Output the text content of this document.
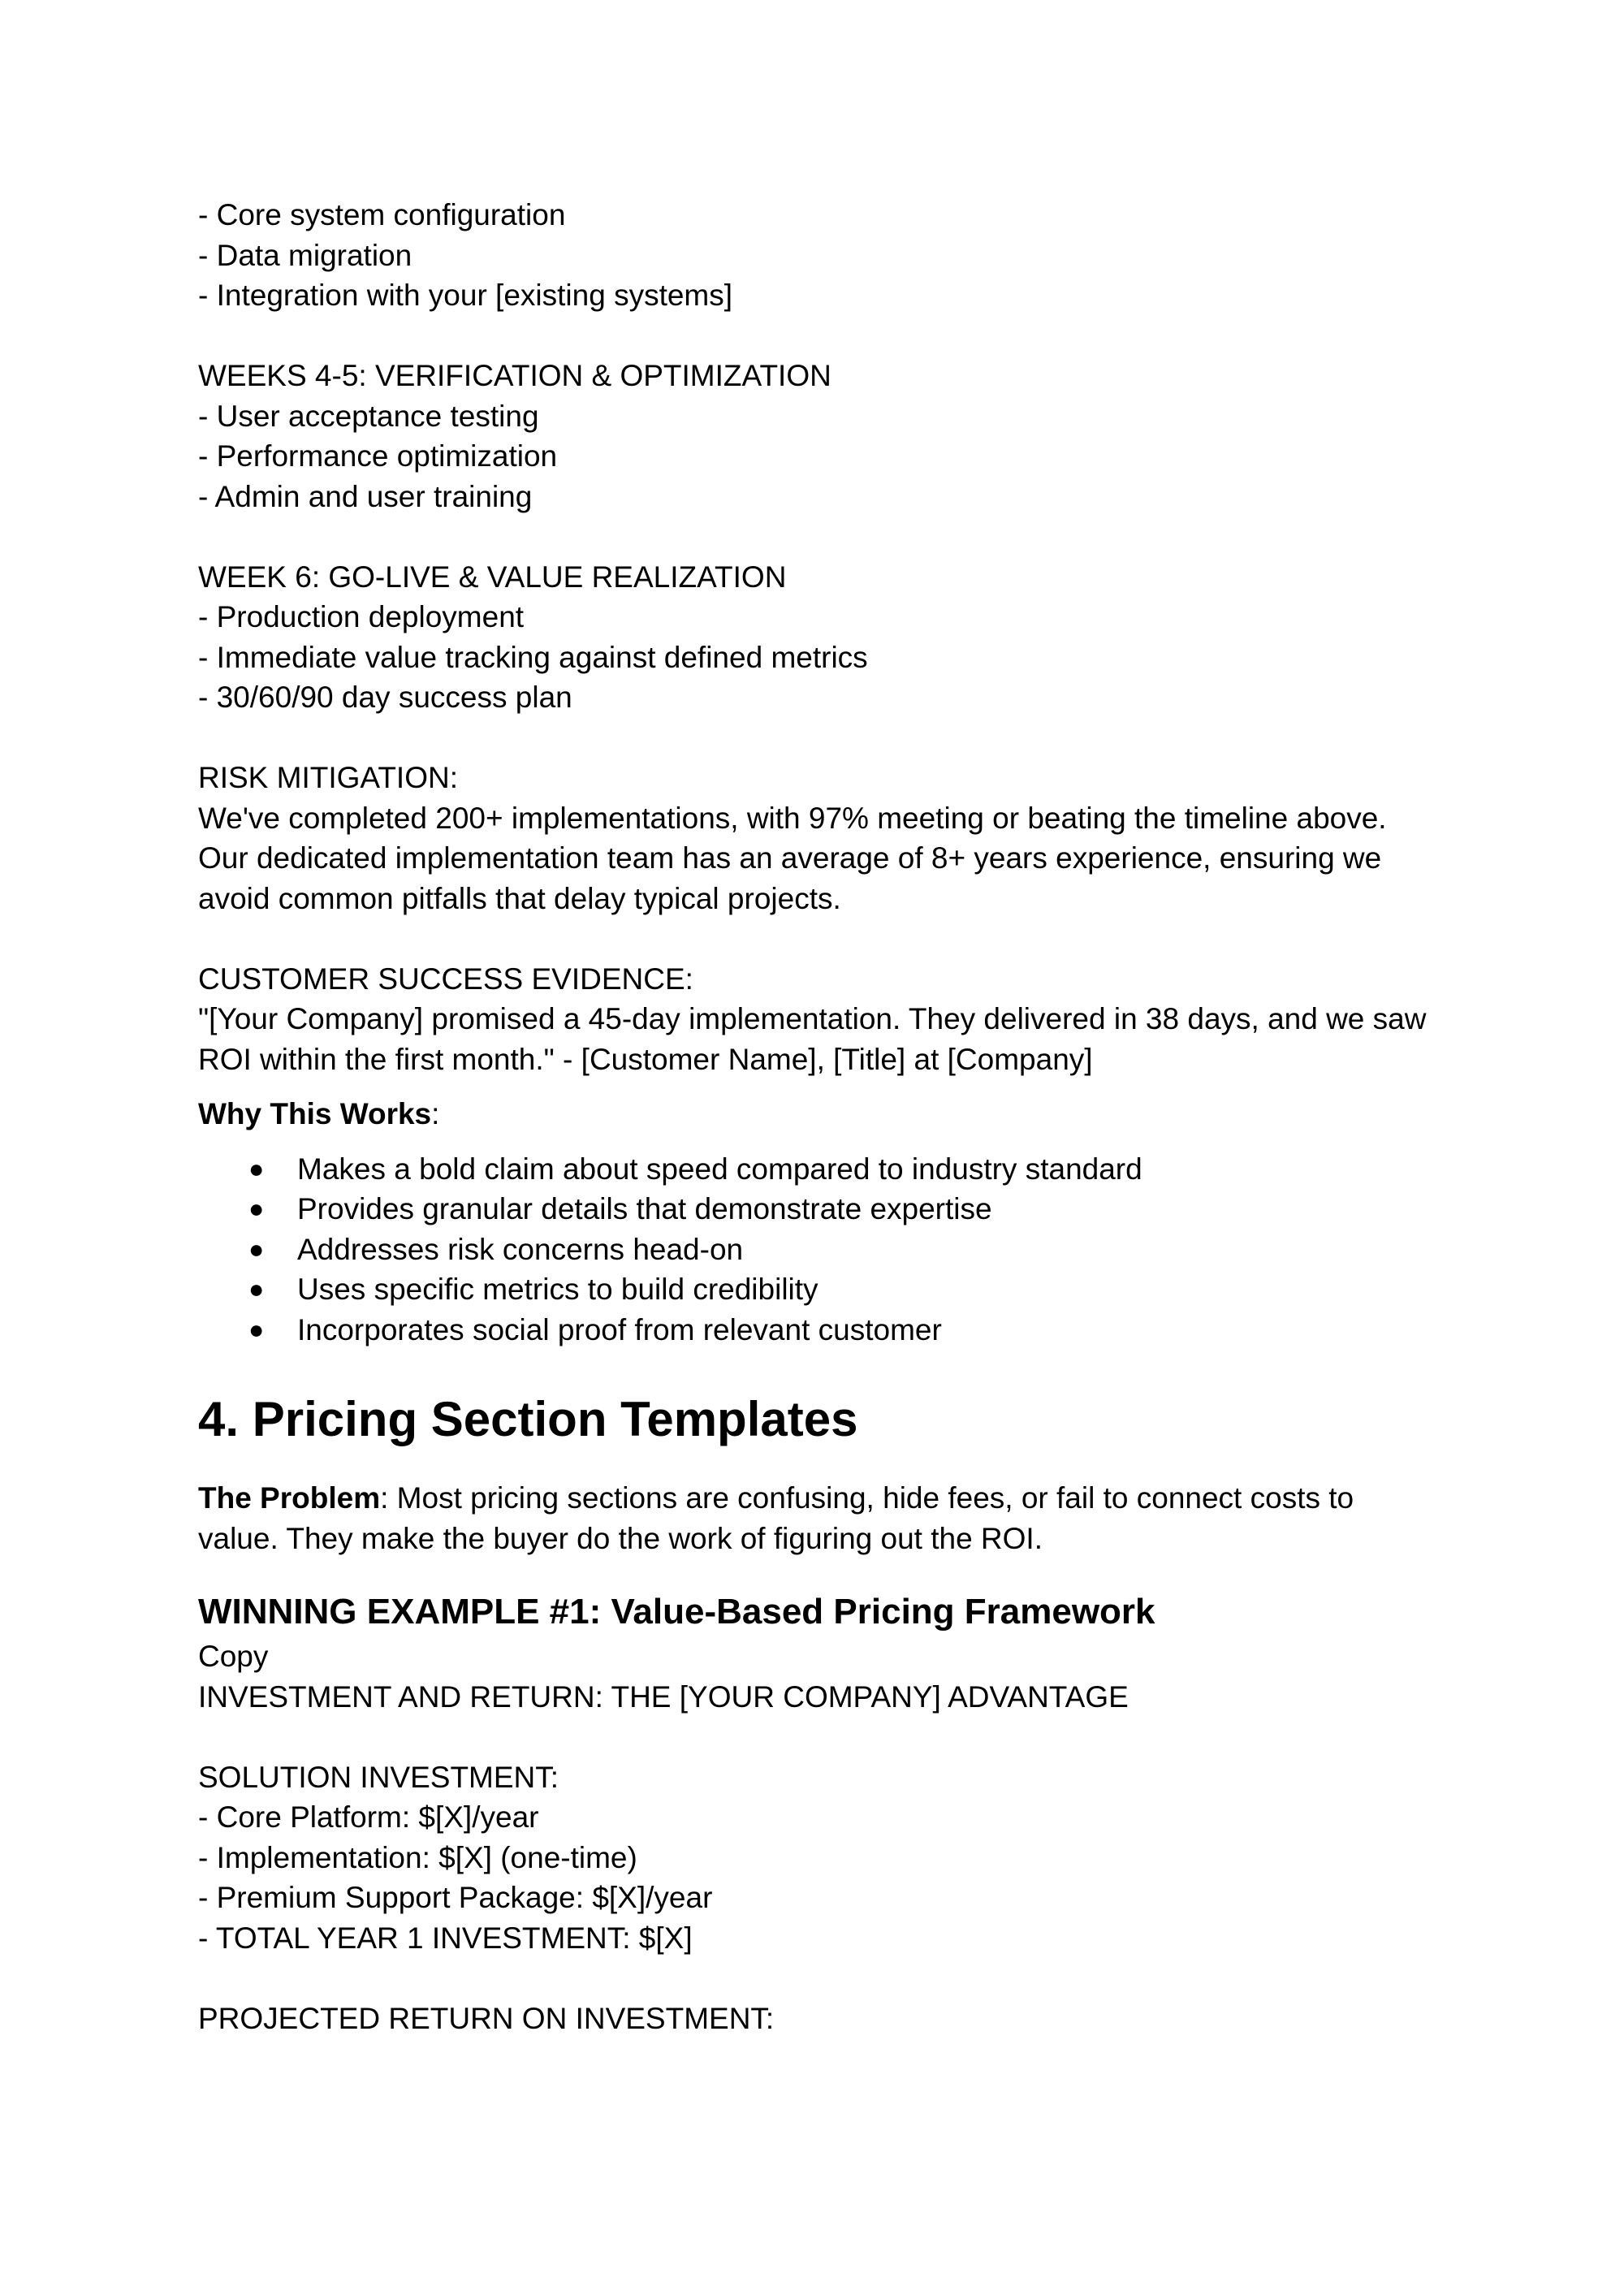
- Core system configuration
- Data migration
- Integration with your [existing systems]
WEEKS 4-5: VERIFICATION & OPTIMIZATION
- User acceptance testing
- Performance optimization
- Admin and user training
WEEK 6: GO-LIVE & VALUE REALIZATION
- Production deployment
- Immediate value tracking against defined metrics
- 30/60/90 day success plan
RISK MITIGATION:
We've completed 200+ implementations, with 97% meeting or beating the timeline above.
Our dedicated implementation team has an average of 8+ years experience, ensuring we
avoid common pitfalls that delay typical projects.
CUSTOMER SUCCESS EVIDENCE:
"[Your Company] promised a 45-day implementation. They delivered in 38 days, and we saw
ROI within the first month." - [Customer Name], [Title] at [Company]
Why This Works:
● Makes a bold claim about speed compared to industry standard
● Provides granular details that demonstrate expertise
● Addresses risk concerns head-on
● Uses specific metrics to build credibility
● Incorporates social proof from relevant customer
4. Pricing Section Templates
The Problem: Most pricing sections are confusing, hide fees, or fail to connect costs to
value. They make the buyer do the work of figuring out the ROI.
WINNING EXAMPLE #1: Value-Based Pricing Framework
Copy
INVESTMENT AND RETURN: THE [YOUR COMPANY] ADVANTAGE
SOLUTION INVESTMENT:
- Core Platform: $[X]/year
- Implementation: $[X] (one-time)
- Premium Support Package: $[X]/year
- TOTAL YEAR 1 INVESTMENT: $[X]
PROJECTED RETURN ON INVESTMENT:
